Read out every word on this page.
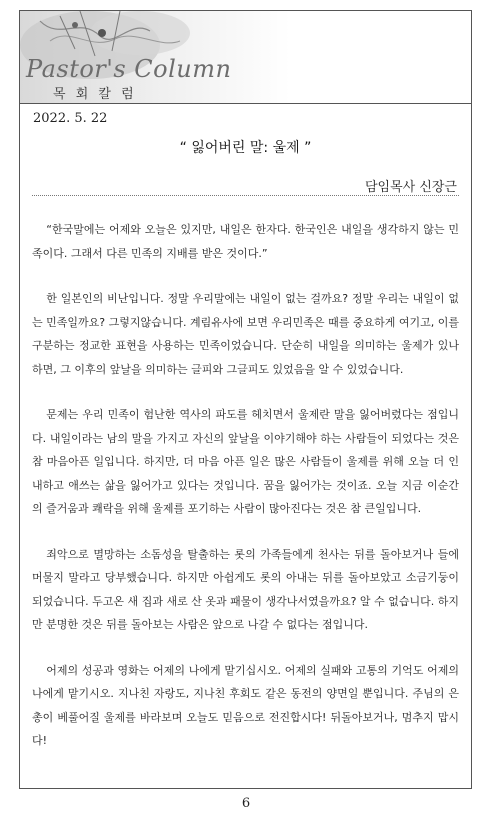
Pastor's Column
목 회 칼 럼
2022. 5. 22
“ 잃어버린 말: 울제 ”
담임목사 신장근

“한국말에는 어제와 오늘은 있지만, 내일은 한자다. 한국인은 내일을 생각하지 않는 민족이다. 그래서 다른 민족의 지배를 받은 것이다.”

한 일본인의 비난입니다. 정말 우리말에는 내일이 없는 걸까요? 정말 우리는 내일이 없는 민족일까요? 그렇지않습니다. 계림유사에 보면 우리민족은 때를 중요하게 여기고, 이를 구분하는 정교한 표현을 사용하는 민족이었습니다. 단순히 내일을 의미하는 울제가 있나하면, 그 이후의 앞날을 의미하는 글피와 그글피도 있었음을 알 수 있었습니다.

문제는 우리 민족이 험난한 역사의 파도를 헤치면서 울제란 말을 잃어버렸다는 점입니다. 내일이라는 남의 말을 가지고 자신의 앞날을 이야기해야 하는 사람들이 되었다는 것은 참 마음아픈 일입니다. 하지만, 더 마음 아픈 일은 많은 사람들이 울제를 위해 오늘 더 인내하고 애쓰는 삶을 잃어가고 있다는 것입니다. 꿈을 잃어가는 것이죠. 오늘 지금 이순간의 즐거움과 쾌락을 위해 울제를 포기하는 사람이 많아진다는 것은 참 큰일입니다.

죄악으로 멸망하는 소돔성을 탈출하는 롯의 가족들에게 천사는 뒤를 돌아보거나 들에 머물지 말라고 당부했습니다. 하지만 아쉽게도 롯의 아내는 뒤를 돌아보았고 소금기둥이 되었습니다. 두고온 새 집과 새로 산 옷과 패물이 생각나서였을까요? 알 수 없습니다. 하지만 분명한 것은 뒤를 돌아보는 사람은 앞으로 나갈 수 없다는 점입니다.

어제의 성공과 영화는 어제의 나에게 맡기십시오. 어제의 실패와 고통의 기억도 어제의 나에게 맡기시오. 지나친 자랑도, 지나친 후회도 같은 동전의 양면일 뿐입니다. 주님의 은총이 베풀어질 울제를 바라보며 오늘도 믿음으로 전진합시다! 뒤돌아보거나, 멈추지 맙시다!

6
